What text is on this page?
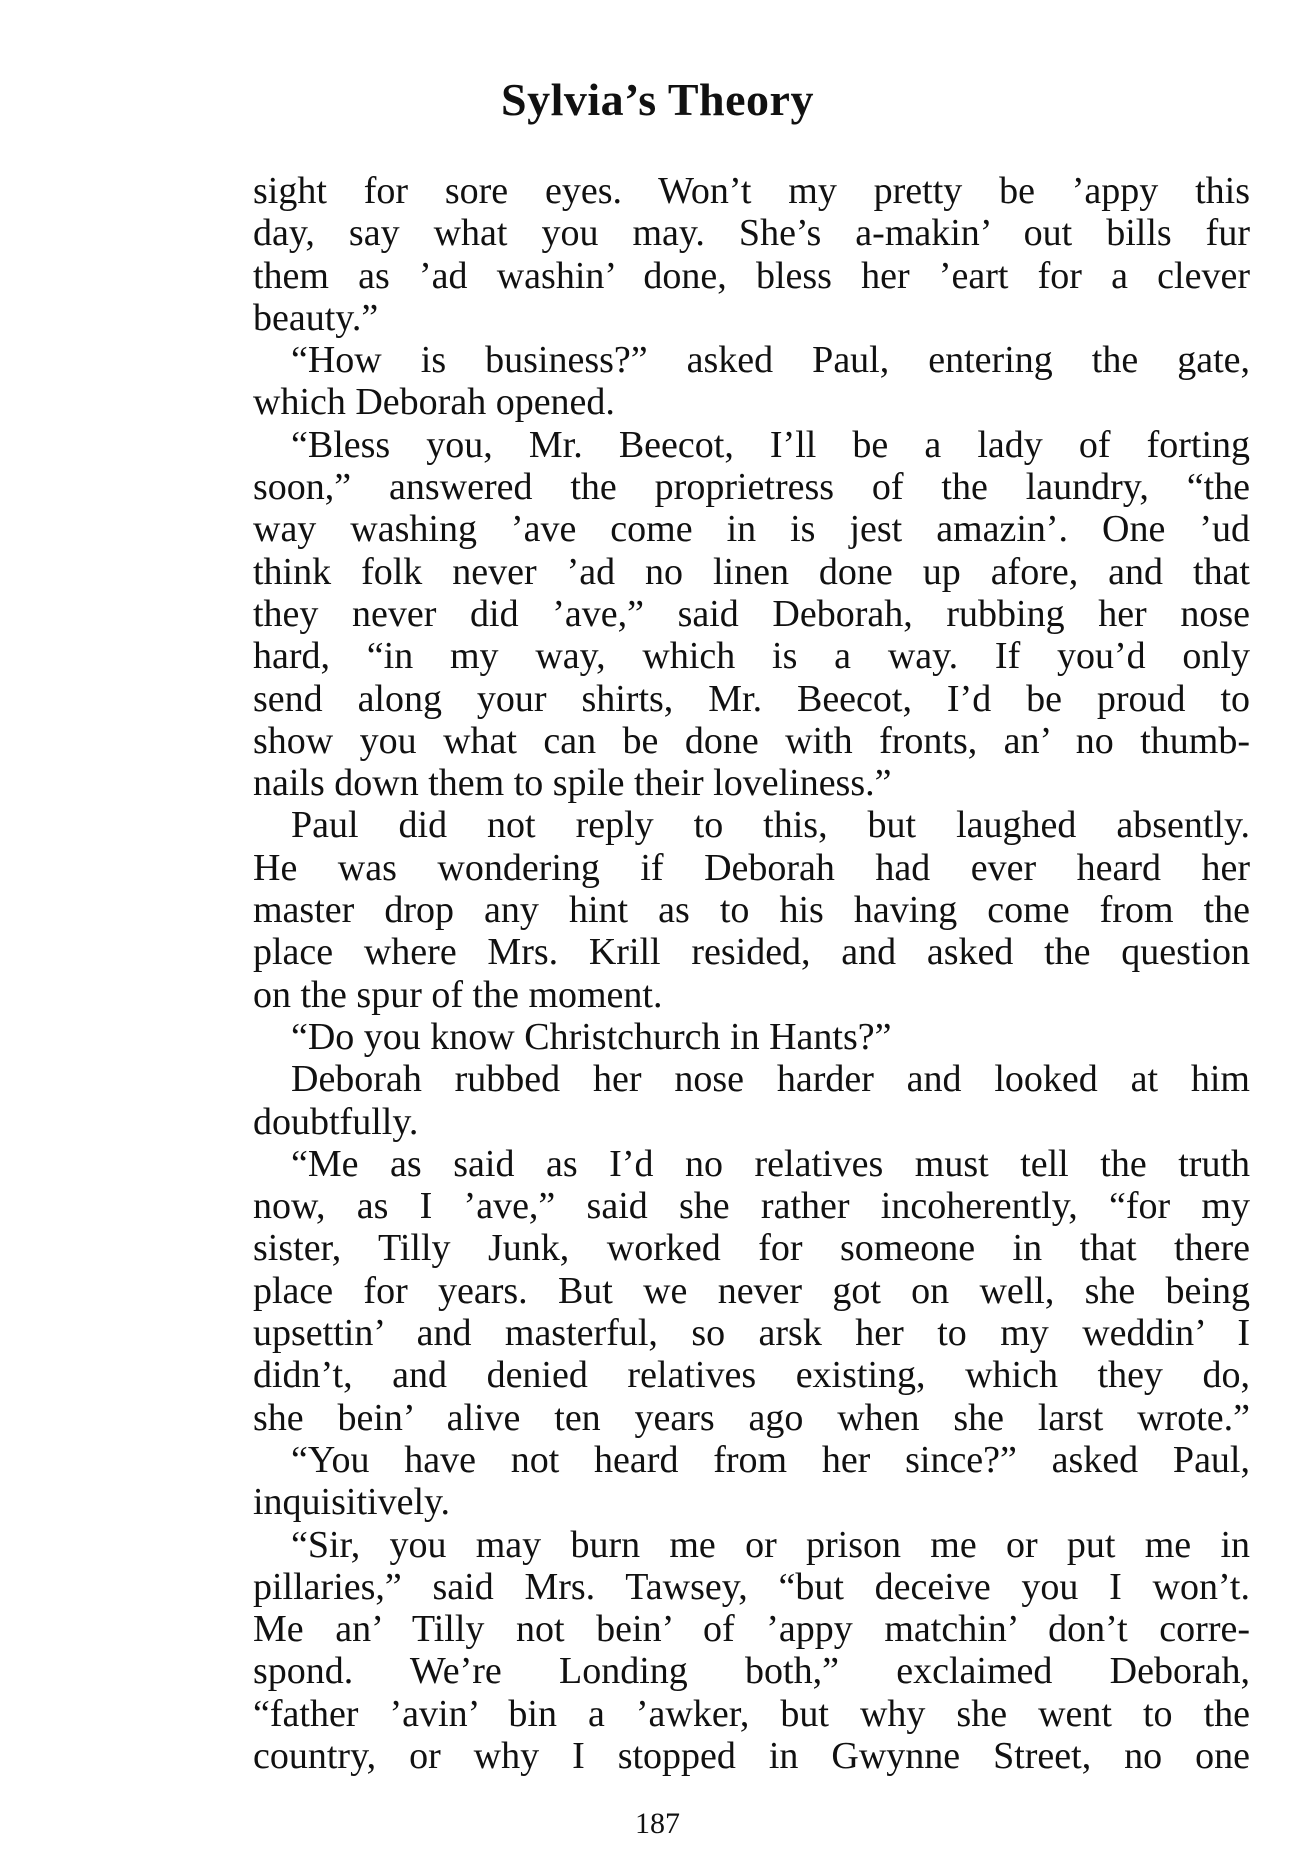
Sylvia’s Theory
sight for sore eyes. Won’t my pretty be ’appy this
day, say what you may. She’s a-makin’ out bills fur
them as ’ad washin’ done, bless her ’eart for a clever
beauty.”
“How is business?” asked Paul, entering the gate,
which Deborah opened.
“Bless you, Mr. Beecot, I’ll be a lady of forting
soon,” answered the proprietress of the laundry, “the
way washing ’ave come in is jest amazin’. One ’ud
think folk never ’ad no linen done up afore, and that
they never did ’ave,” said Deborah, rubbing her nose
hard, “in my way, which is a way. If you’d only
send along your shirts, Mr. Beecot, I’d be proud to
show you what can be done with fronts, an’ no thumb-
nails down them to spile their loveliness.”
Paul did not reply to this, but laughed absently.
He was wondering if Deborah had ever heard her
master drop any hint as to his having come from the
place where Mrs. Krill resided, and asked the question
on the spur of the moment.
“Do you know Christchurch in Hants?”
Deborah rubbed her nose harder and looked at him
doubtfully.
“Me as said as I’d no relatives must tell the truth
now, as I ’ave,” said she rather incoherently, “for my
sister, Tilly Junk, worked for someone in that there
place for years. But we never got on well, she being
upsettin’ and masterful, so arsk her to my weddin’ I
didn’t, and denied relatives existing, which they do,
she bein’ alive ten years ago when she larst wrote.”
“You have not heard from her since?” asked Paul,
inquisitively.
“Sir, you may burn me or prison me or put me in
pillaries,” said Mrs. Tawsey, “but deceive you I won’t.
Me an’ Tilly not bein’ of ’appy matchin’ don’t corre-
spond. We’re Londing both,” exclaimed Deborah,
“father ’avin’ bin a ’awker, but why she went to the
country, or why I stopped in Gwynne Street, no one
187
